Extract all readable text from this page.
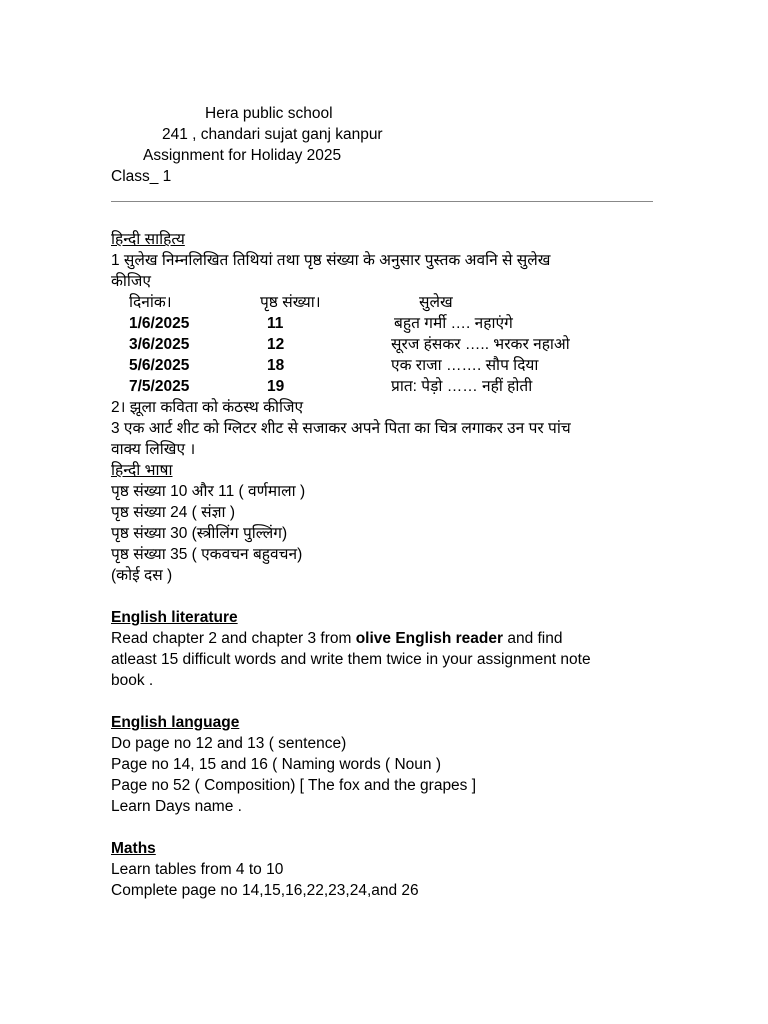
Hera public school
241 , chandari sujat ganj kanpur
Assignment for Holiday 2025
Class_ 1
हिन्दी साहित्य
1 सुलेख निम्नलिखित तिथियां तथा पृष्ठ संख्या के अनुसार पुस्तक अवनि से सुलेख
कीजिए
दिनांक।	पृष्ठ संख्या।	सुलेख
1/6/2025	11	बहुत गर्मी …. नहाएंगे
3/6/2025	12	सूरज हंसकर ….. भरकर नहाओ
5/6/2025	18	एक राजा ……. सौप दिया
7/5/2025	19	प्रात: पेड़ो …… नहीं होती
2। झूला कविता को कंठस्थ कीजिए
3 एक आर्ट शीट को ग्लिटर शीट से सजाकर अपने पिता का चित्र लगाकर उन पर पांच
वाक्य लिखिए ।
हिन्दी भाषा
पृष्ठ संख्या 10 और 11 ( वर्णमाला )
पृष्ठ संख्या 24 ( संज्ञा )
पृष्ठ संख्या 30 (स्त्रीलिंग पुल्लिंग)
पृष्ठ संख्या 35 ( एकवचन बहुवचन)
(कोई दस )
English literature
Read chapter 2 and chapter 3 from olive English reader and find
atleast 15 difficult words and write them twice in your assignment note
book .
English language
Do page no 12 and 13 ( sentence)
Page no 14, 15 and 16 ( Naming words ( Noun )
Page no 52 ( Composition) [ The fox and the grapes ]
Learn Days name .
Maths
Learn tables from 4 to 10
Complete page no 14,15,16,22,23,24,and 26
